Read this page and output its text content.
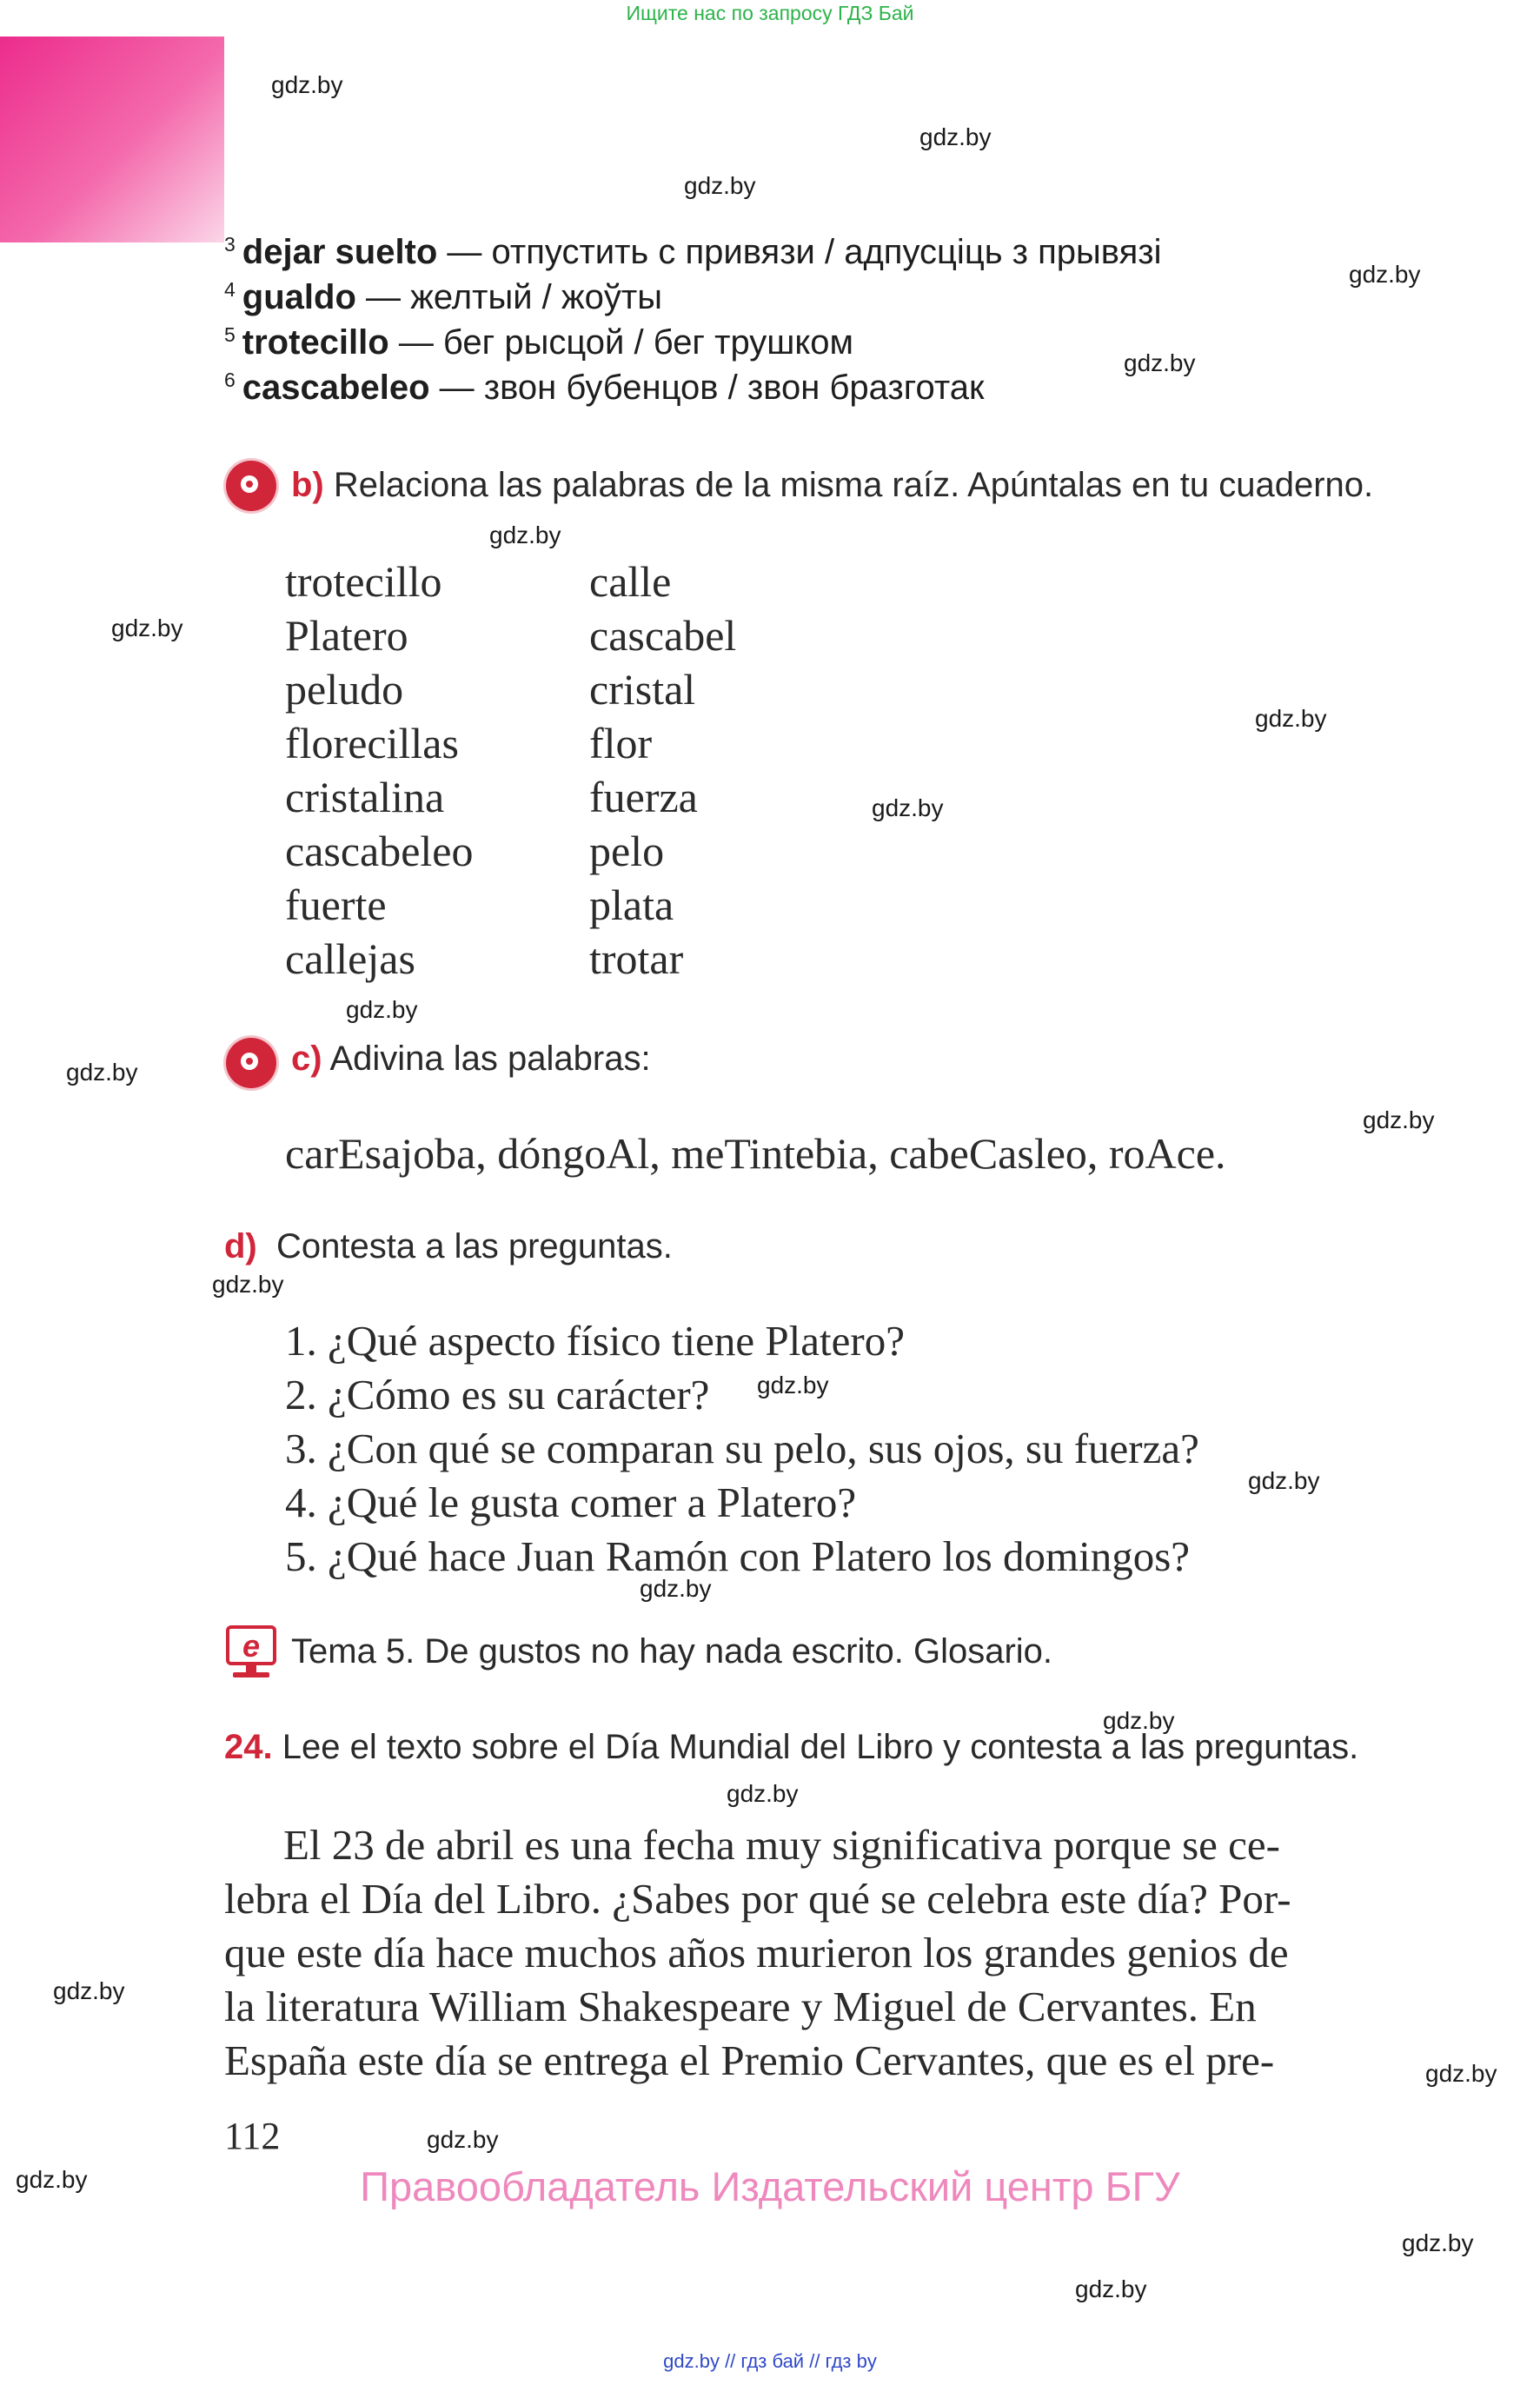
Ищите нас по запросу ГДЗ Бай
gdz.by
gdz.by
gdz.by
gdz.by
gdz.by
gdz.by
gdz.by
gdz.by
gdz.by
gdz.by
gdz.by
gdz.by
gdz.by
gdz.by
gdz.by
gdz.by
gdz.by
gdz.by
gdz.by
gdz.by
gdz.by
gdz.by
gdz.by
gdz.by
$^3$ dejar suelto — отпустить с привязи / адпусціць з прывязі
$^4$ gualdo — желтый / жоўты
$^5$ trotecillo — бег рысцой / бег трушком
$^6$ cascabeleo — звон бубенцов / звон бразготак
b) Relaciona las palabras de la misma raíz. Apúntalas en tu cuaderno.
trotecillo
Platero
peludo
florecillas
cristalina
cascabeleo
fuerte
callejas
calle
cascabel
cristal
flor
fuerza
pelo
plata
trotar
c) Adivina las palabras:
carEsajoba, dóngoAl, meTintebia, cabeCasleo, roAce.
d) Contesta a las preguntas.
1. ¿Qué aspecto físico tiene Platero?
2. ¿Cómo es su carácter?
3. ¿Con qué se comparan su pelo, sus ojos, su fuerza?
4. ¿Qué le gusta comer a Platero?
5. ¿Qué hace Juan Ramón con Platero los domingos?
e Tema 5. De gustos no hay nada escrito. Glosario.
24. Lee el texto sobre el Día Mundial del Libro y contesta a las preguntas.
El 23 de abril es una fecha muy significativa porque se ce-
lebra el Día del Libro. ¿Sabes por qué se celebra este día? Por-
que este día hace muchos años murieron los grandes genios de
la literatura William Shakespeare y Miguel de Cervantes. En
España este día se entrega el Premio Cervantes, que es el pre-
112
Правообладатель Издательский центр БГУ
gdz.by // гдз бай // гдз by
